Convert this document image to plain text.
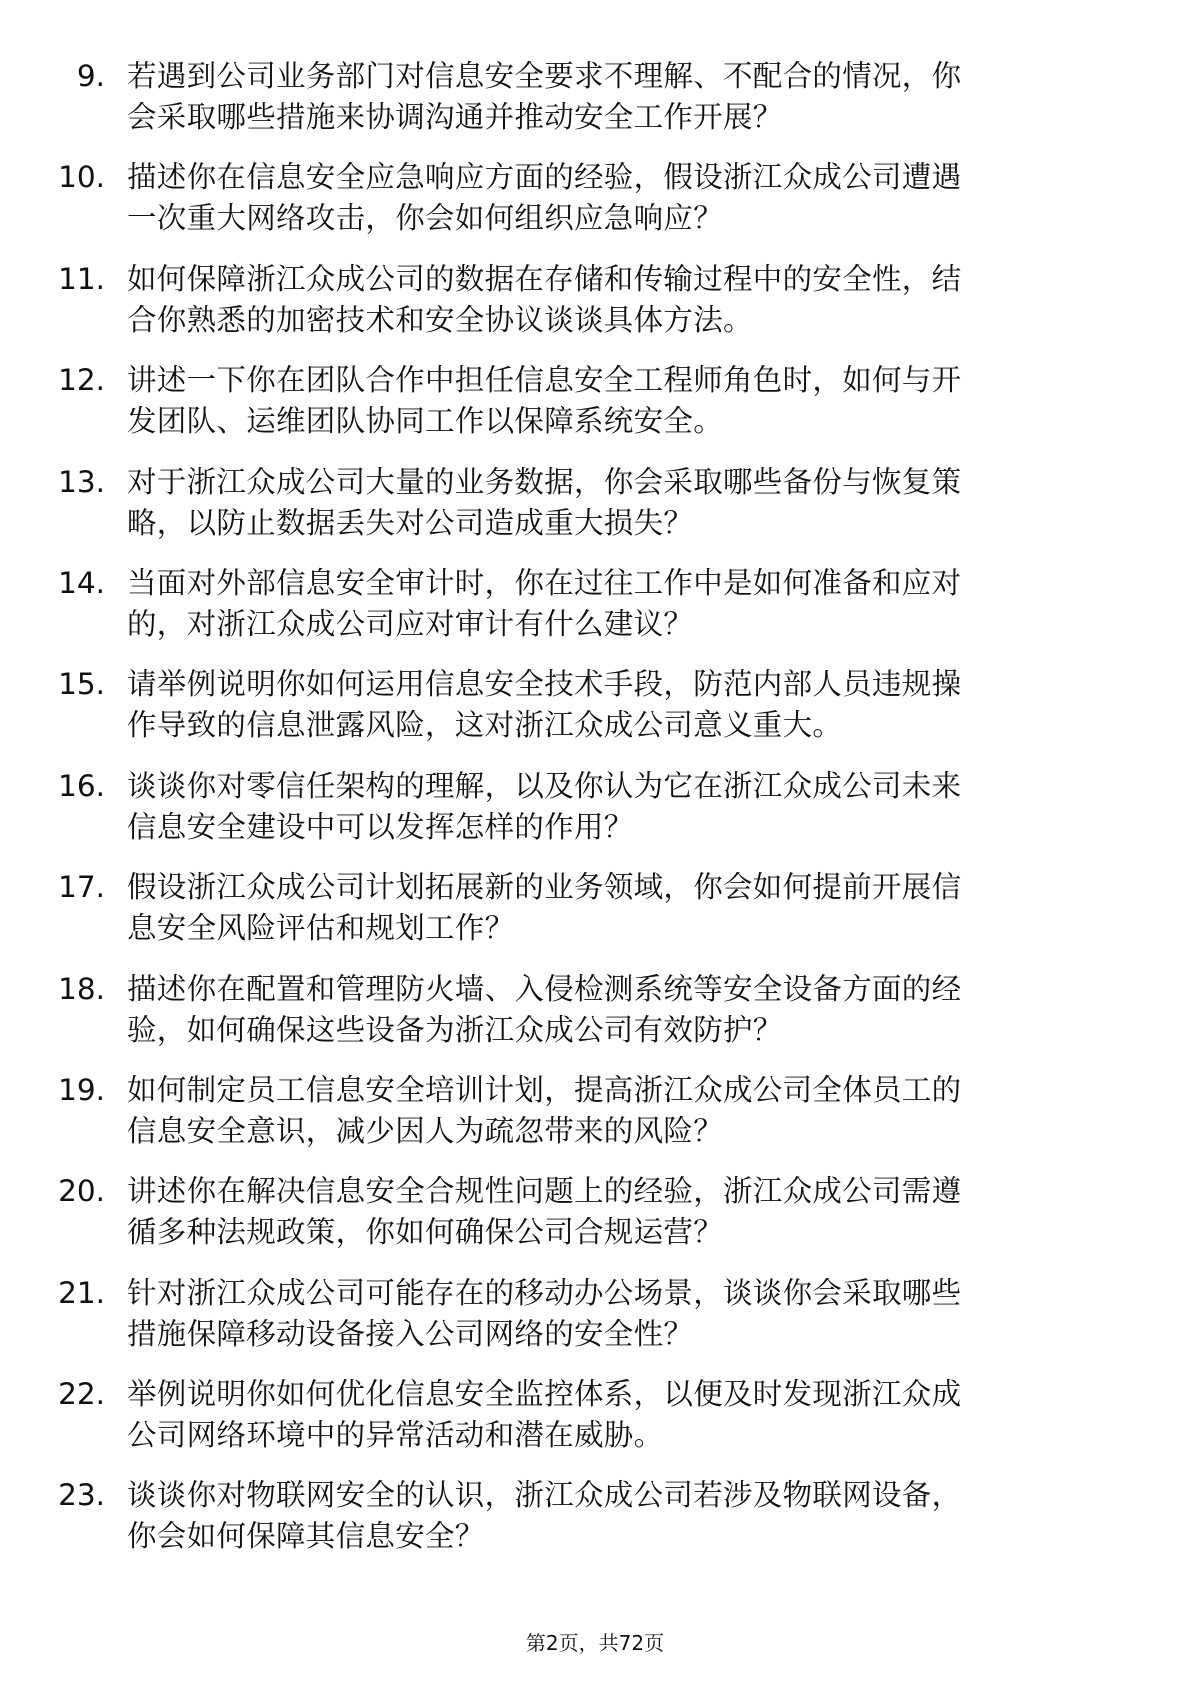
9. 若遇到公司业务部门对信息安全要求不理解、不配合的情况，你
会采取哪些措施来协调沟通并推动安全工作开展？
10. 描述你在信息安全应急响应方面的经验，假设浙江众成公司遭遇
一次重大网络攻击，你会如何组织应急响应？
11. 如何保障浙江众成公司的数据在存储和传输过程中的安全性，结
合你熟悉的加密技术和安全协议谈谈具体方法。
12. 讲述一下你在团队合作中担任信息安全工程师角色时，如何与开
发团队、运维团队协同工作以保障系统安全。
13. 对于浙江众成公司大量的业务数据，你会采取哪些备份与恢复策
略，以防止数据丢失对公司造成重大损失？
14. 当面对外部信息安全审计时，你在过往工作中是如何准备和应对
的，对浙江众成公司应对审计有什么建议？
15. 请举例说明你如何运用信息安全技术手段，防范内部人员违规操
作导致的信息泄露风险，这对浙江众成公司意义重大。
16. 谈谈你对零信任架构的理解，以及你认为它在浙江众成公司未来
信息安全建设中可以发挥怎样的作用？
17. 假设浙江众成公司计划拓展新的业务领域，你会如何提前开展信
息安全风险评估和规划工作？
18. 描述你在配置和管理防火墙、入侵检测系统等安全设备方面的经
验，如何确保这些设备为浙江众成公司有效防护？
19. 如何制定员工信息安全培训计划，提高浙江众成公司全体员工的
信息安全意识，减少因人为疏忽带来的风险？
20. 讲述你在解决信息安全合规性问题上的经验，浙江众成公司需遵
循多种法规政策，你如何确保公司合规运营？
21. 针对浙江众成公司可能存在的移动办公场景，谈谈你会采取哪些
措施保障移动设备接入公司网络的安全性？
22. 举例说明你如何优化信息安全监控体系，以便及时发现浙江众成
公司网络环境中的异常活动和潜在威胁。
23. 谈谈你对物联网安全的认识，浙江众成公司若涉及物联网设备，
你会如何保障其信息安全？
第2页，共72页
